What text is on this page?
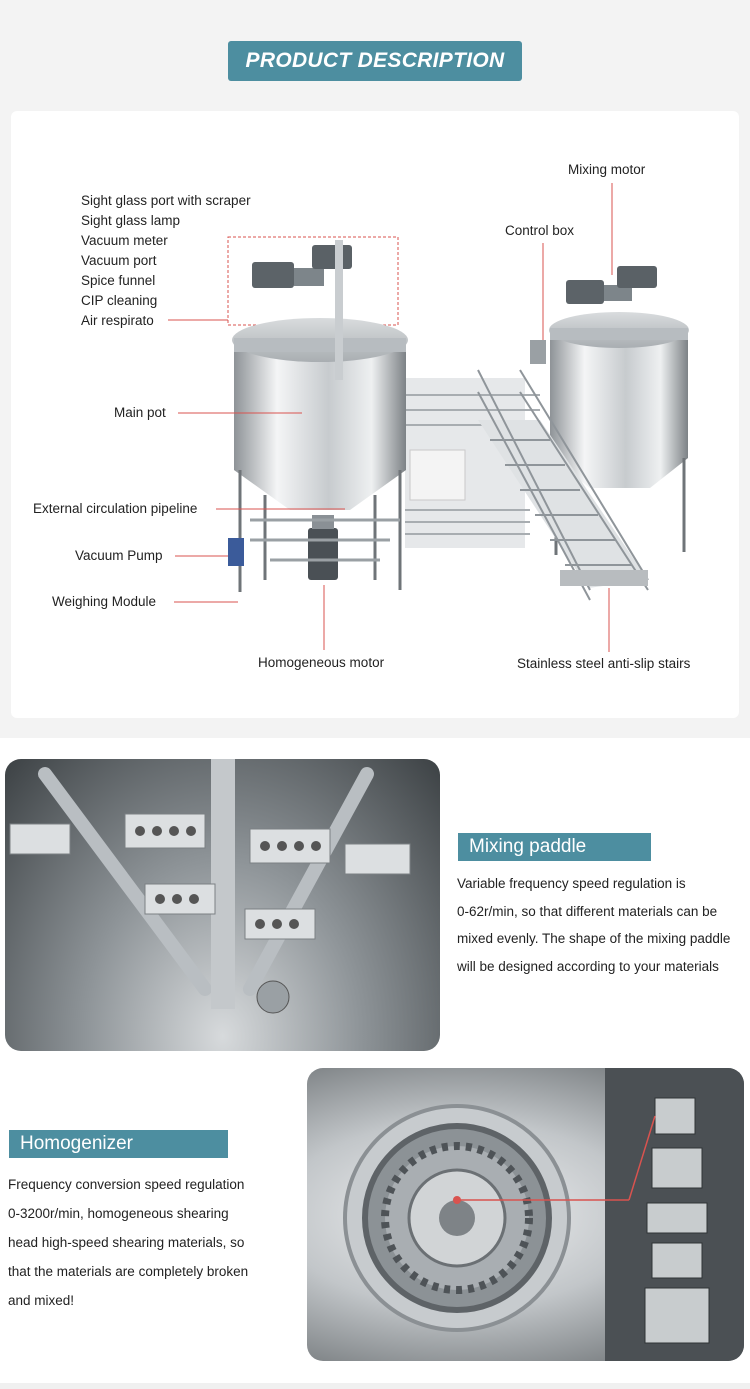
PRODUCT DESCRIPTION
Sight glass port with scraper
Sight glass lamp
Vacuum meter
Vacuum port
Spice funnel
CIP cleaning
Air respirato
Main pot
External circulation pipeline
Vacuum Pump
Weighing Module
Homogeneous motor
Mixing motor
Control box
Stainless steel anti-slip stairs
Mixing paddle
Variable frequency speed regulation is
0-62r/min, so that different materials can be
mixed evenly. The shape of the mixing paddle
will be designed according to your materials
Homogenizer
Frequency conversion speed regulation
0-3200r/min, homogeneous shearing
head high-speed shearing materials, so
that the materials are completely broken
and mixed!
